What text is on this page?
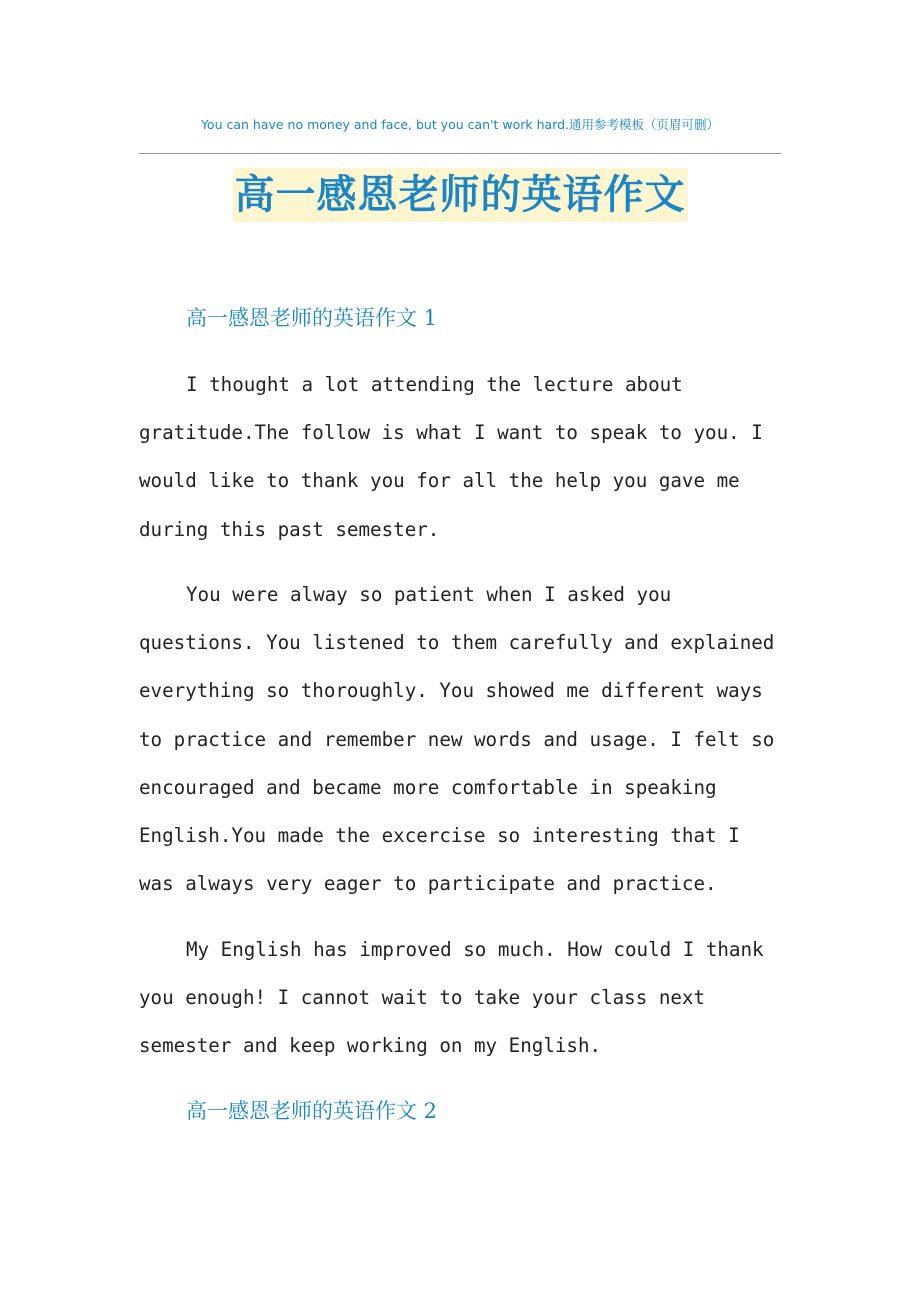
You can have no money and face, but you can't work hard.通用参考模板（页眉可删）
高一感恩老师的英语作文
高一感恩老师的英语作文 1

I thought a lot attending the lecture about
gratitude.The follow is what I want to speak to you. I
would like to thank you for all the help you gave me
during this past semester.

You were alway so patient when I asked you
questions. You listened to them carefully and explained
everything so thoroughly. You showed me different ways
to practice and remember new words and usage. I felt so
encouraged and became more comfortable in speaking
English.You made the excercise so interesting that I
was always very eager to participate and practice.

My English has improved so much. How could I thank
you enough! I cannot wait to take your class next
semester and keep working on my English.

高一感恩老师的英语作文 2
